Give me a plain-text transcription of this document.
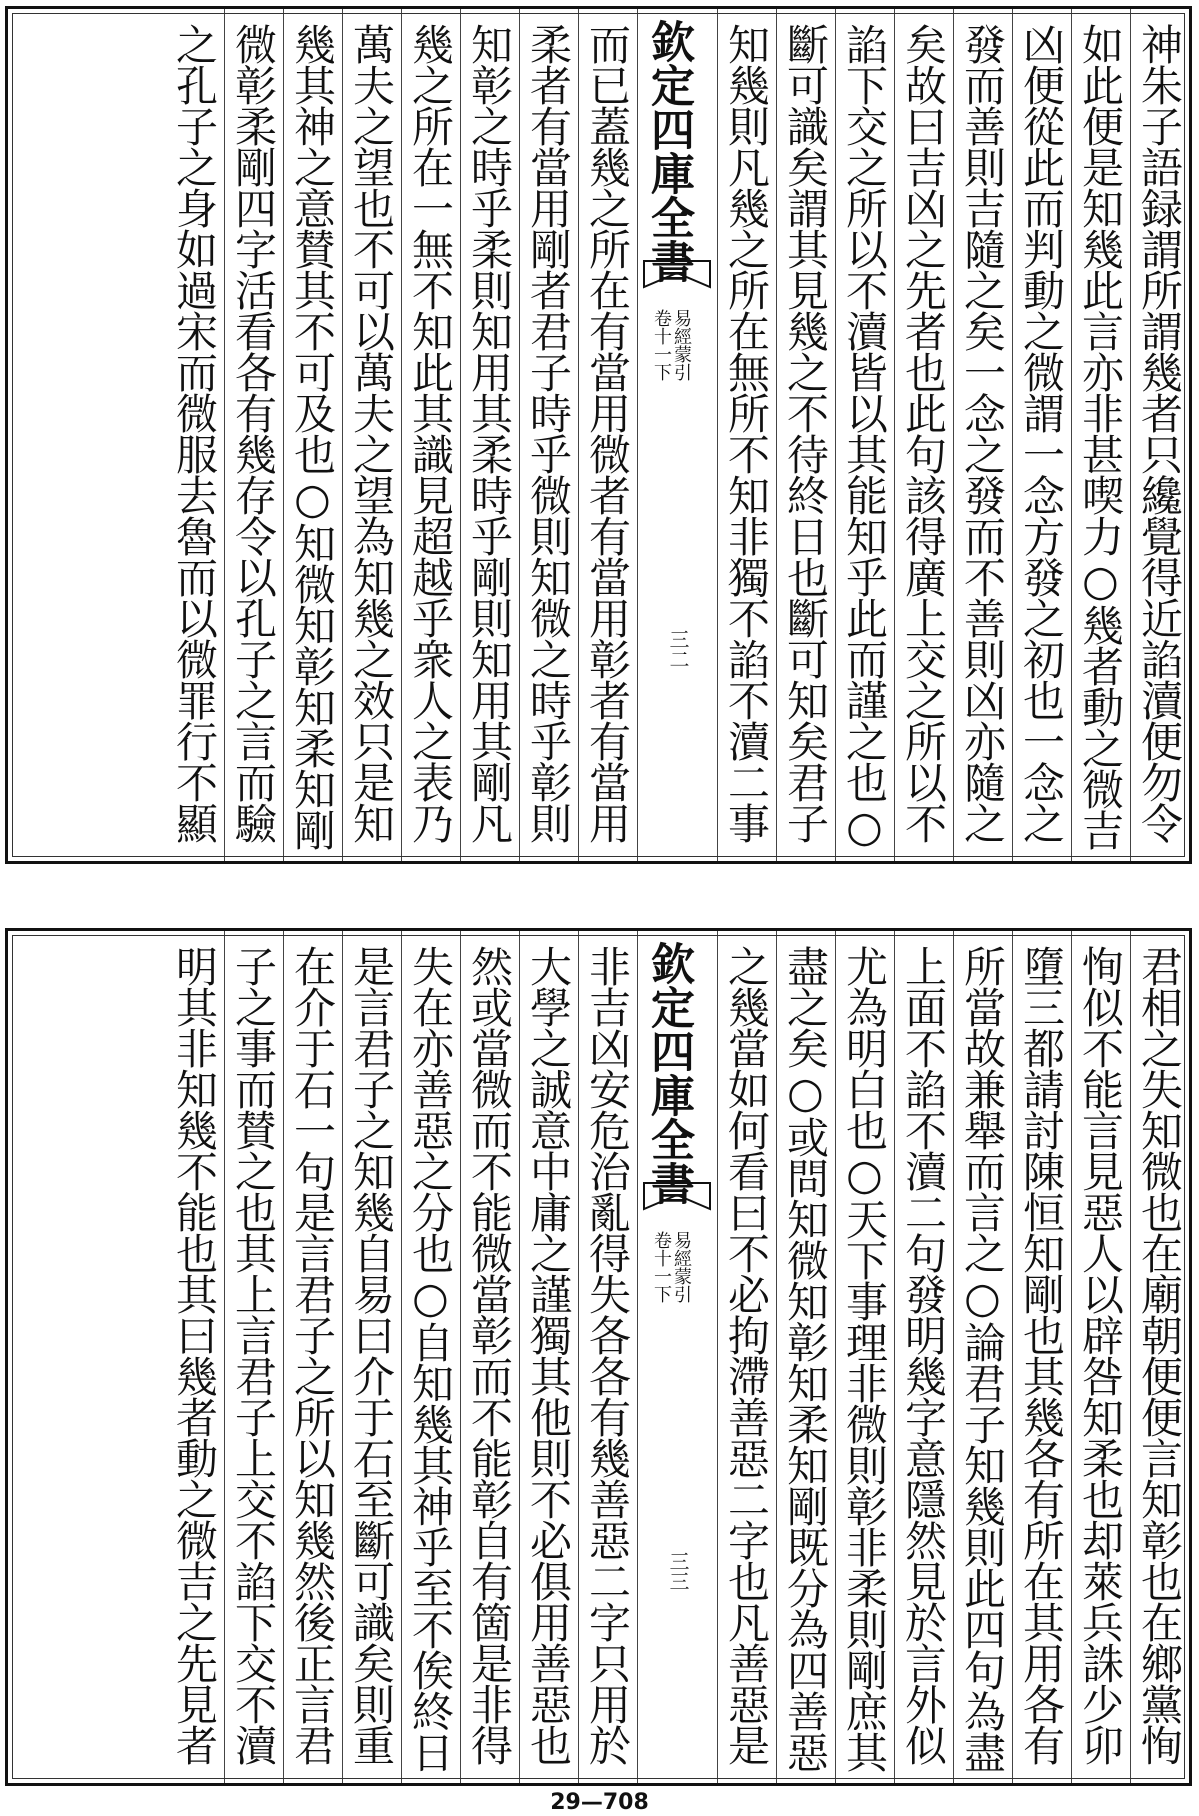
神朱子語録謂所謂幾者只纔覺得近諂瀆便勿令
如此便是知幾此言亦非甚喫力○幾者動之微吉
凶便從此而判動之微謂一念方發之初也一念之
發而善則吉隨之矣一念之發而不善則凶亦隨之
矣故曰吉凶之先者也此句該得廣上交之所以不
諂下交之所以不瀆皆以其能知乎此而謹之也○
斷可識矣謂其見幾之不待終日也斷可知矣君子
知幾則凡幾之所在無所不知非獨不諂不瀆二事
欽定四庫全書
易經蒙引
卷十一下
三二
而已蓋幾之所在有當用微者有當用彰者有當用
柔者有當用剛者君子時乎微則知微之時乎彰則
知彰之時乎柔則知用其柔時乎剛則知用其剛凡
幾之所在一無不知此其識見超越乎衆人之表乃
萬夫之望也不可以萬夫之望為知幾之效只是知
幾其神之意賛其不可及也○知微知彰知柔知剛
微彰柔剛四字活看各有幾存令以孔子之言而驗
之孔子之身如過宋而微服去魯而以微罪行不顯
君相之失知微也在廟朝便便言知彰也在鄉黨恂
恂似不能言見惡人以辟咎知柔也却萊兵誅少卯
墮三都請討陳恒知剛也其幾各有所在其用各有
所當故兼舉而言之○論君子知幾則此四句為盡
上面不諂不瀆二句發明幾字意隱然見於言外似
尤為明白也○天下事理非微則彰非柔則剛庶其
盡之矣○或問知微知彰知柔知剛既分為四善惡
之幾當如何看曰不必拘滯善惡二字也凡善惡是
欽定四庫全書
易經蒙引
卷十一下
三三
非吉凶安危治亂得失各各有幾善惡二字只用於
大學之誠意中庸之謹獨其他則不必俱用善惡也
然或當微而不能微當彰而不能彰自有箇是非得
失在亦善惡之分也○自知幾其神乎至不俟終日
是言君子之知幾自易曰介于石至斷可識矣則重
在介于石一句是言君子之所以知幾然後正言君
子之事而賛之也其上言君子上交不諂下交不瀆
明其非知幾不能也其曰幾者動之微吉之先見者
29—708
